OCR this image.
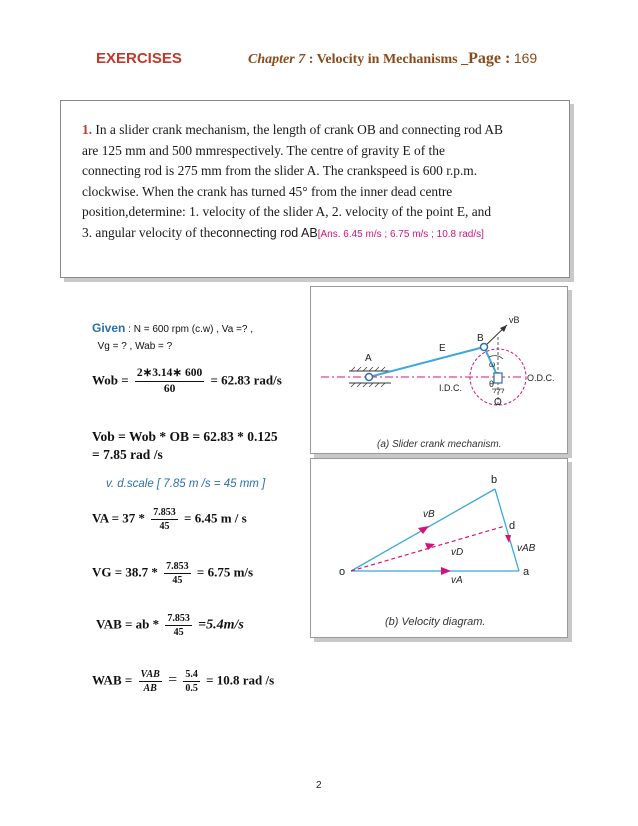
EXERCISES	Chapter 7 : Velocity in Mechanisms _Page : 169
1. In a slider crank mechanism, the length of crank OB and connecting rod AB
are 125 mm and 500 mmrespectively. The centre of gravity E of the
connecting rod is 275 mm from the slider A. The crankspeed is 600 r.p.m.
clockwise. When the crank has turned 45° from the inner dead centre
position,determine: 1. velocity of the slider A, 2. velocity of the point E, and
3. angular velocity of theconnecting rod AB[Ans. 6.45 m/s ; 6.75 m/s ; 10.8 rad/s]
Given : N = 600 rpm (c.w) , Va =? ,
Vg = ? , Wab = ?
Wob = $\frac{2∗3.14∗ 600}{60} = 62.83$ rad/s
Vob = Wob * OB = 62.83 * 0.125
= 7.85 rad /s
v. d.scale [ 7.85 m /s = 45 mm ]
VA = $37 * \frac{7.853}{45} = 6.45$ m / s
VG = $38.7 * \frac{7.853}{45} = 6.75$ m/s
VAB = ab * $\frac{7.853}{45} =5.4m/s$
WAB = $\frac{\text{VAB}}{AB} = \frac{5.4}{0.5} = 10.8$ rad /s
A
E
B
vB
ω
θ
O
I.D.C.
O.D.C.
(a) Slider crank mechanism.
o	a
b
d
vB
vD
vA
vAB
(b) Velocity diagram.
2
